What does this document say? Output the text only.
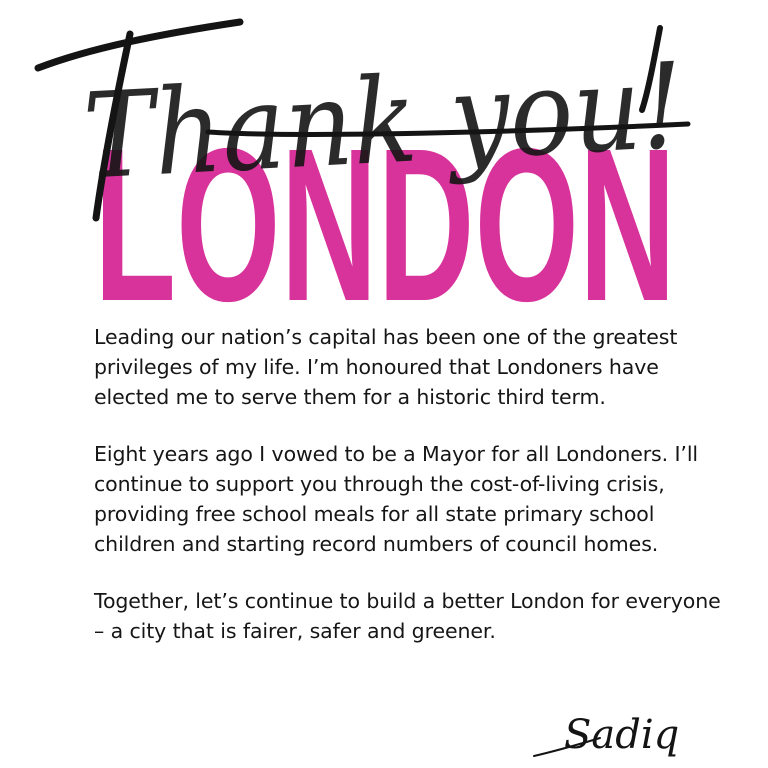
LONDON
Thank you!

Leading our nation’s capital has been one of the greatest privileges of my life. I’m honoured that Londoners have elected me to serve them for a historic third term.

Eight years ago I vowed to be a Mayor for all Londoners. I’ll continue to support you through the cost-of-living crisis, providing free school meals for all state primary school children and starting record numbers of council homes.

Together, let’s continue to build a better London for everyone – a city that is fairer, safer and greener.

Sadiq
